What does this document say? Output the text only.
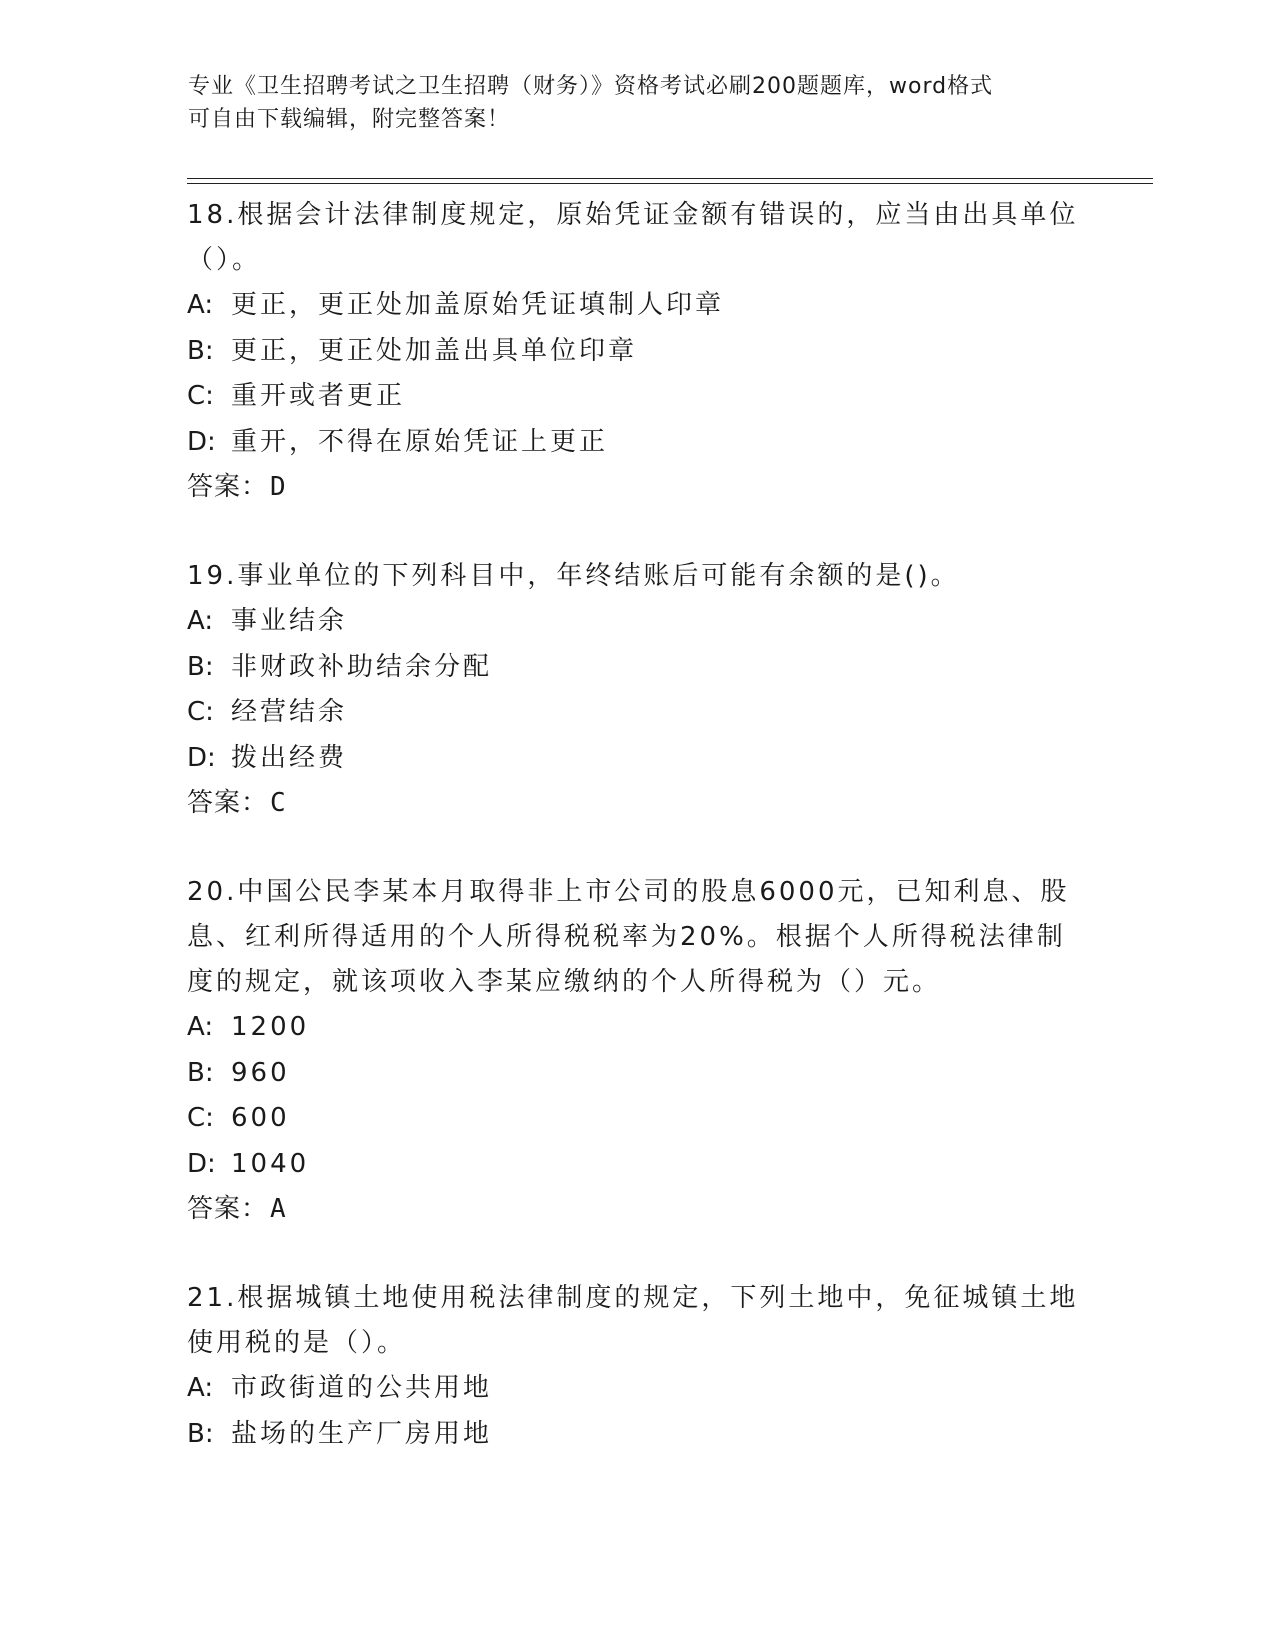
专业《卫生招聘考试之卫生招聘（财务）》资格考试必刷200题题库，word格式
可自由下载编辑，附完整答案！
18.根据会计法律制度规定，原始凭证金额有错误的，应当由出具单位
（）。
A: 更正，更正处加盖原始凭证填制人印章
B: 更正，更正处加盖出具单位印章
C: 重开或者更正
D: 重开，不得在原始凭证上更正
答案：D
19.事业单位的下列科目中，年终结账后可能有余额的是()。
A: 事业结余
B: 非财政补助结余分配
C: 经营结余
D: 拨出经费
答案：C
20.中国公民李某本月取得非上市公司的股息6000元，已知利息、股
息、红利所得适用的个人所得税税率为20%。根据个人所得税法律制
度的规定，就该项收入李某应缴纳的个人所得税为（）元。
A: 1200
B: 960
C: 600
D: 1040
答案：A
21.根据城镇土地使用税法律制度的规定，下列土地中，免征城镇土地
使用税的是（）。
A: 市政街道的公共用地
B: 盐场的生产厂房用地
